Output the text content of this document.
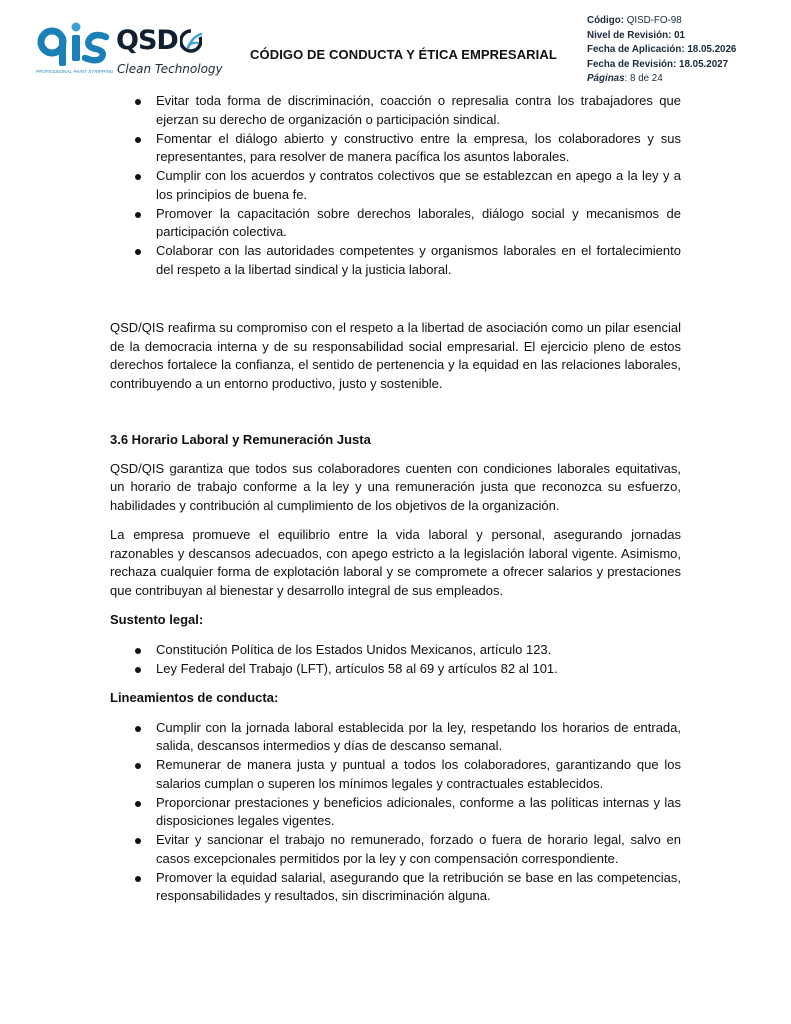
PROFESSIONAL PAINT STRIPPING
QSD
Clean Technology
CÓDIGO DE CONDUCTA Y ÉTICA EMPRESARIAL
Código: QISD-FO-98
Nivel de Revisión: 01
Fecha de Aplicación: 18.05.2026
Fecha de Revisión: 18.05.2027
Páginas: 8 de 24
Evitar toda forma de discriminación, coacción o represalia contra los trabajadores que ejerzan su derecho de organización o participación sindical.
Fomentar el diálogo abierto y constructivo entre la empresa, los colaboradores y sus representantes, para resolver de manera pacífica los asuntos laborales.
Cumplir con los acuerdos y contratos colectivos que se establezcan en apego a la ley y a los principios de buena fe.
Promover la capacitación sobre derechos laborales, diálogo social y mecanismos de participación colectiva.
Colaborar con las autoridades competentes y organismos laborales en el fortalecimiento del respeto a la libertad sindical y la justicia laboral.

QSD/QIS reafirma su compromiso con el respeto a la libertad de asociación como un pilar esencial de la democracia interna y de su responsabilidad social empresarial. El ejercicio pleno de estos derechos fortalece la confianza, el sentido de pertenencia y la equidad en las relaciones laborales, contribuyendo a un entorno productivo, justo y sostenible.

3.6 Horario Laboral y Remuneración Justa

QSD/QIS garantiza que todos sus colaboradores cuenten con condiciones laborales equitativas, un horario de trabajo conforme a la ley y una remuneración justa que reconozca su esfuerzo, habilidades y contribución al cumplimiento de los objetivos de la organización.

La empresa promueve el equilibrio entre la vida laboral y personal, asegurando jornadas razonables y descansos adecuados, con apego estricto a la legislación laboral vigente. Asimismo, rechaza cualquier forma de explotación laboral y se compromete a ofrecer salarios y prestaciones que contribuyan al bienestar y desarrollo integral de sus empleados.

Sustento legal:
Constitución Política de los Estados Unidos Mexicanos, artículo 123.
Ley Federal del Trabajo (LFT), artículos 58 al 69 y artículos 82 al 101.
Lineamientos de conducta:
Cumplir con la jornada laboral establecida por la ley, respetando los horarios de entrada, salida, descansos intermedios y días de descanso semanal.
Remunerar de manera justa y puntual a todos los colaboradores, garantizando que los salarios cumplan o superen los mínimos legales y contractuales establecidos.
Proporcionar prestaciones y beneficios adicionales, conforme a las políticas internas y las disposiciones legales vigentes.
Evitar y sancionar el trabajo no remunerado, forzado o fuera de horario legal, salvo en casos excepcionales permitidos por la ley y con compensación correspondiente.
Promover la equidad salarial, asegurando que la retribución se base en las competencias, responsabilidades y resultados, sin discriminación alguna.
